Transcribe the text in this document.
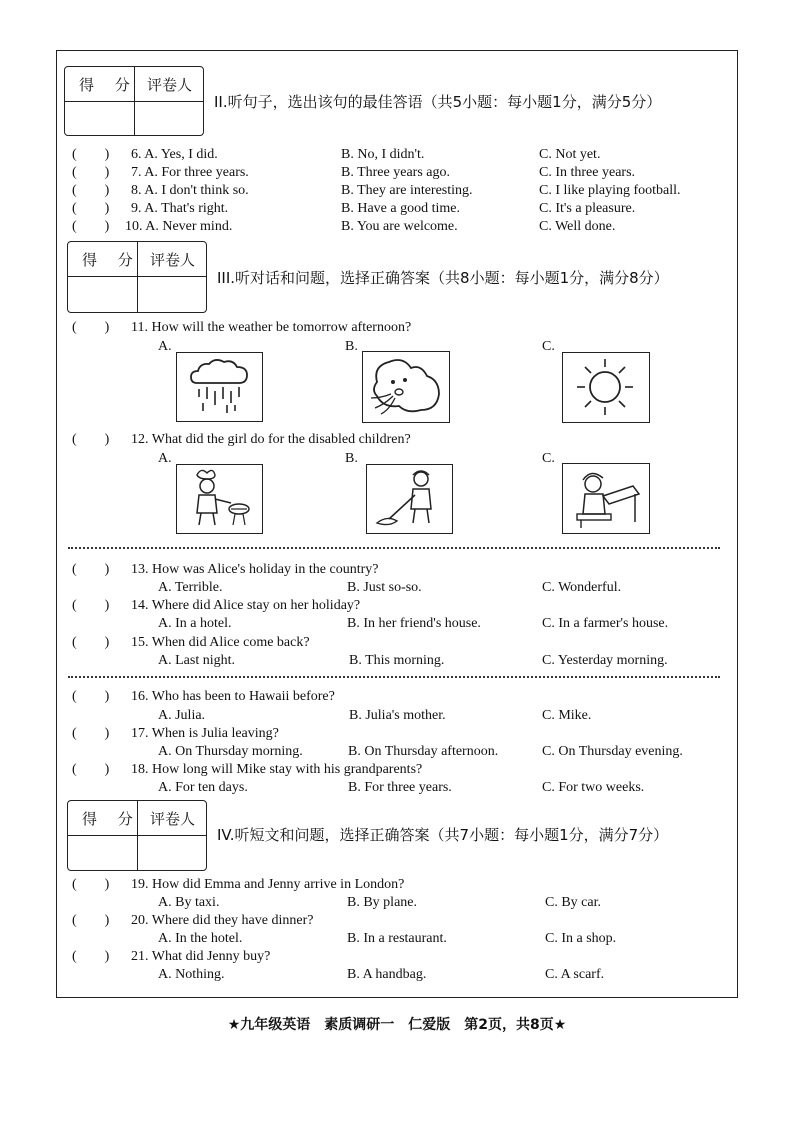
得 分 评卷人
II.听句子，选出该句的最佳答语（共5小题：每小题1分，满分5分）
(　　) 6. A. Yes, I did.	B. No, I didn't.	C. Not yet.
(　　) 7. A. For three years.	B. Three years ago.	C. In three years.
(　　) 8. A. I don't think so.	B. They are interesting.	C. I like playing football.
(　　) 9. A. That's right.	B. Have a good time.	C. It's a pleasure.
(　　) 10. A. Never mind.	B. You are welcome.	C. Well done.
得 分 评卷人
III.听对话和问题，选择正确答案（共8小题：每小题1分，满分8分）
(　　) 11. How will the weather be tomorrow afternoon?
A.	B.	C.
(　　) 12. What did the girl do for the disabled children?
A.	B.	C.
(　　) 13. How was Alice's holiday in the country?
A. Terrible.	B. Just so-so.	C. Wonderful.
(　　) 14. Where did Alice stay on her holiday?
A. In a hotel.	B. In her friend's house.	C. In a farmer's house.
(　　) 15. When did Alice come back?
A. Last night.	B. This morning.	C. Yesterday morning.
(　　) 16. Who has been to Hawaii before?
A. Julia.	B. Julia's mother.	C. Mike.
(　　) 17. When is Julia leaving?
A. On Thursday morning.	B. On Thursday afternoon.	C. On Thursday evening.
(　　) 18. How long will Mike stay with his grandparents?
A. For ten days.	B. For three years.	C. For two weeks.
得 分 评卷人
IV.听短文和问题，选择正确答案（共7小题：每小题1分，满分7分）
(　　) 19. How did Emma and Jenny arrive in London?
A. By taxi.	B. By plane.	C. By car.
(　　) 20. Where did they have dinner?
A. In the hotel.	B. In a restaurant.	C. In a shop.
(　　) 21. What did Jenny buy?
A. Nothing.	B. A handbag.	C. A scarf.
★九年级英语　素质调研一　仁爱版　第2页，共8页★
